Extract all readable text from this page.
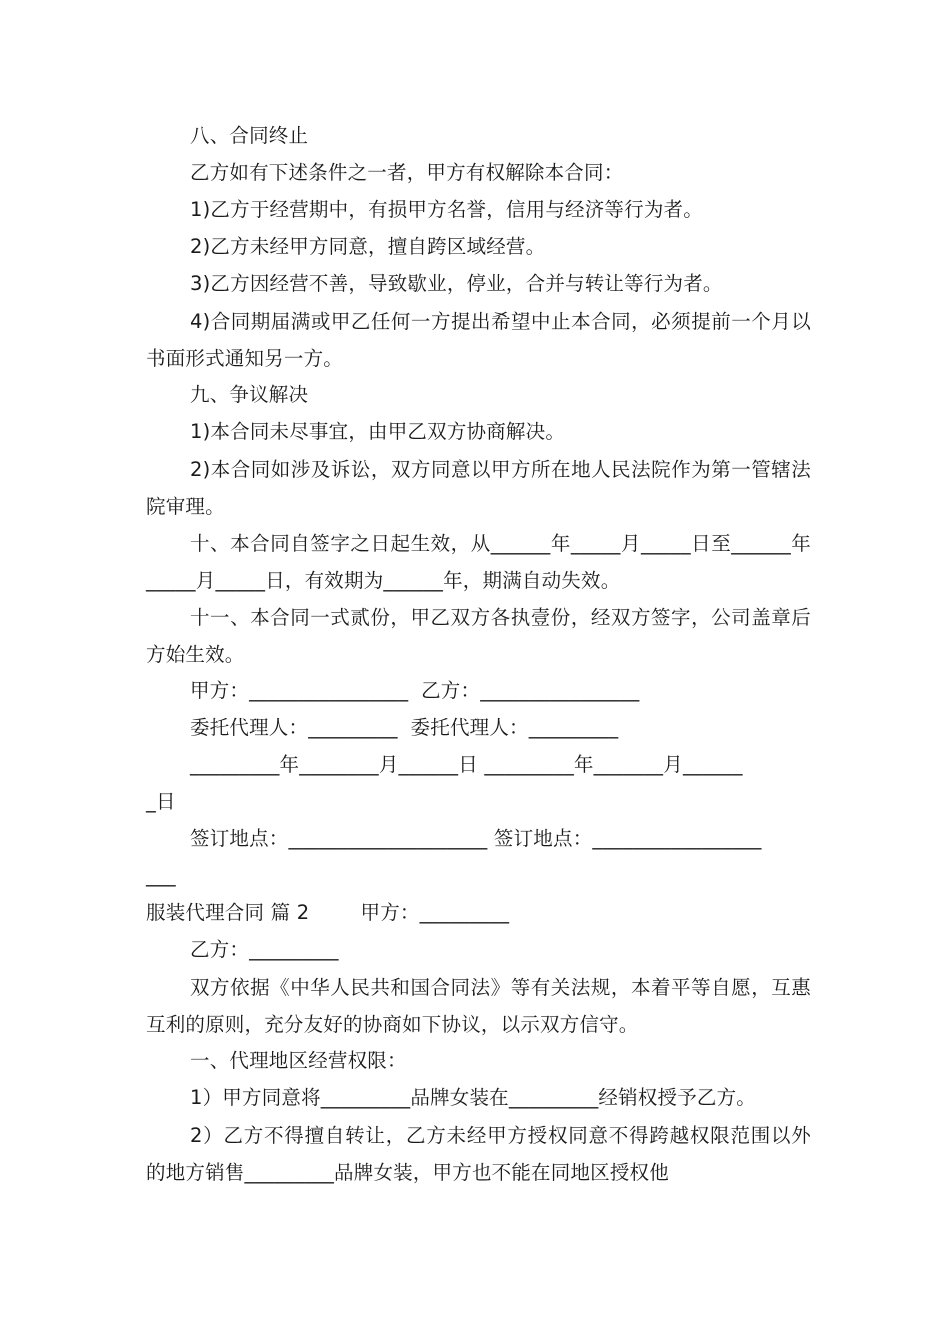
八、合同终止
乙方如有下述条件之一者，甲方有权解除本合同：
1)乙方于经营期中，有损甲方名誉，信用与经济等行为者。
2)乙方未经甲方同意，擅自跨区域经营。
3)乙方因经营不善，导致歇业，停业，合并与转让等行为者。
4)合同期届满或甲乙任何一方提出希望中止本合同，必须提前一个月以书面形式通知另一方。
九、争议解决
1)本合同未尽事宜，由甲乙双方协商解决。
2)本合同如涉及诉讼，双方同意以甲方所在地人民法院作为第一管辖法院审理。
十、本合同自签字之日起生效，从______年_____月_____日至______年_____月_____日，有效期为______年，期满自动失效。
十一、本合同一式贰份，甲乙双方各执壹份，经双方签字，公司盖章后方始生效。
甲方：________________  乙方：________________
委托代理人：_________  委托代理人：_________
_________年________月______日 _________年_______月______
_日
签订地点：____________________ 签订地点：_________________
___
服装代理合同 篇 2        甲方：_________
乙方：_________
双方依据《中华人民共和国合同法》等有关法规，本着平等自愿，互惠互利的原则，充分友好的协商如下协议，以示双方信守。
一、代理地区经营权限：
1）甲方同意将_________品牌女装在_________经销权授予乙方。
2）乙方不得擅自转让，乙方未经甲方授权同意不得跨越权限范围以外的地方销售_________品牌女装，甲方也不能在同地区授权他
